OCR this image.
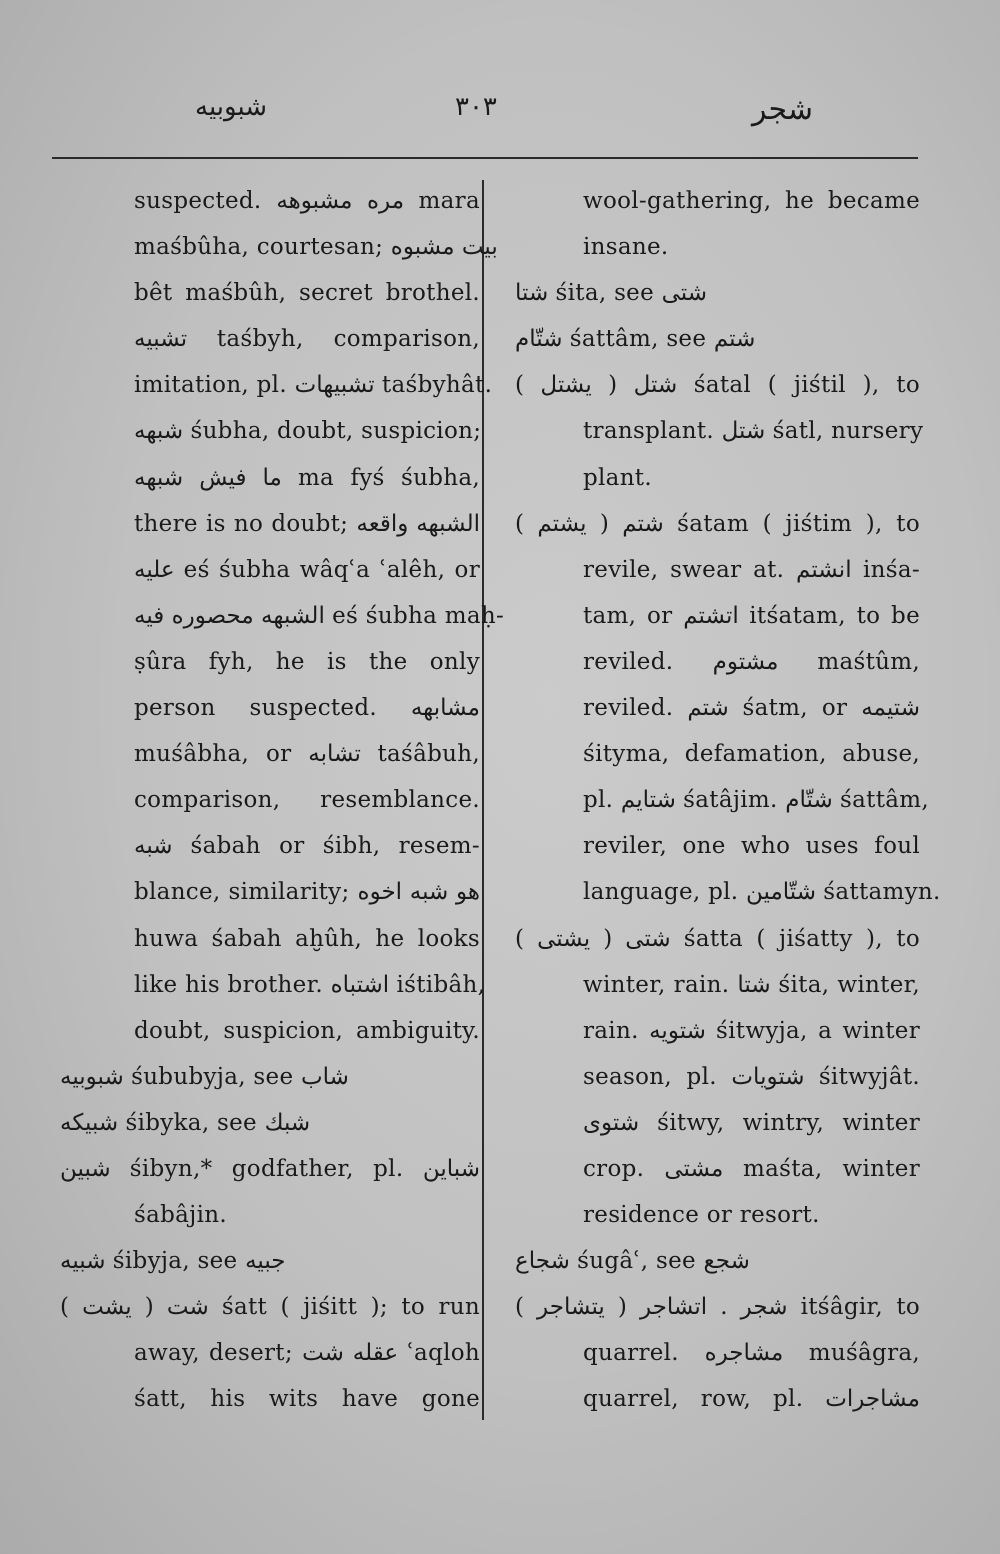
شبوبيه	٣٠٣	شجر
suspected. مره مشبوهه mara
maśbûha, courtesan; بيت مشبوه
bêt maśbûh, secret brothel.
تشبيه taśbyh, comparison,
imitation, pl. تشبيهات taśbyhât.
شبهه śubha, doubt, suspicion;
ما فيش شبهه ma fyś śubha,
there is no doubt; الشبهه واقعه
عليه eś śubha wâqʿa ʿalêh, or
الشبهه محصوره فيه eś śubha maḥ-
ṣûra fyh, he is the only
person suspected. مشابهه
muśâbha, or تشابه taśâbuh,
comparison, resemblance.
شبه śabah or śibh, resem-
blance, similarity; هو شبه اخوه
huwa śabah aḫûh, he looks
like his brother. اشتباه iśtibâh,
doubt, suspicion, ambiguity.
شبوبيه śububyja, see شاب
شبيكه śibyka, see شبك
شبين śibyn,* godfather, pl. شباين
śabâjin.
شبيه śibyja, see جبيه
شت ( يشت ) śatt ( jiśitt ); to run
away, desert; عقله شت ʿaqloh
śatt, his wits have gone
wool-gathering, he became
insane.
شتا śita, see شتى
شتّام śattâm, see شتم
شتل ( يشتل ) śatal ( jiśtil ), to
transplant. شتل śatl, nursery
plant.
شتم ( يشتم ) śatam ( jiśtim ), to
revile, swear at. انشتم inśa-
tam, or اتشتم itśatam, to be
reviled. مشتوم maśtûm,
reviled. شتم śatm, or شتيمه
śityma, defamation, abuse,
pl. شتايم śatâjim. شتّام śattâm,
reviler, one who uses foul
language, pl. شتّامين śattamyn.
شتى ( يشتى ) śatta ( jiśatty ), to
winter, rain. شتا śita, winter,
rain. شتويه śitwyja, a winter
season, pl. شتويات śitwyjât.
شتوى śitwy, wintry, winter
crop. مشتى maśta, winter
residence or resort.
شجاع śugâʿ, see شجع
شجر . اتشاجر ( يتشاجر ) itśâgir, to
quarrel. مشاجره muśâgra,
quarrel, row, pl. مشاجرات
